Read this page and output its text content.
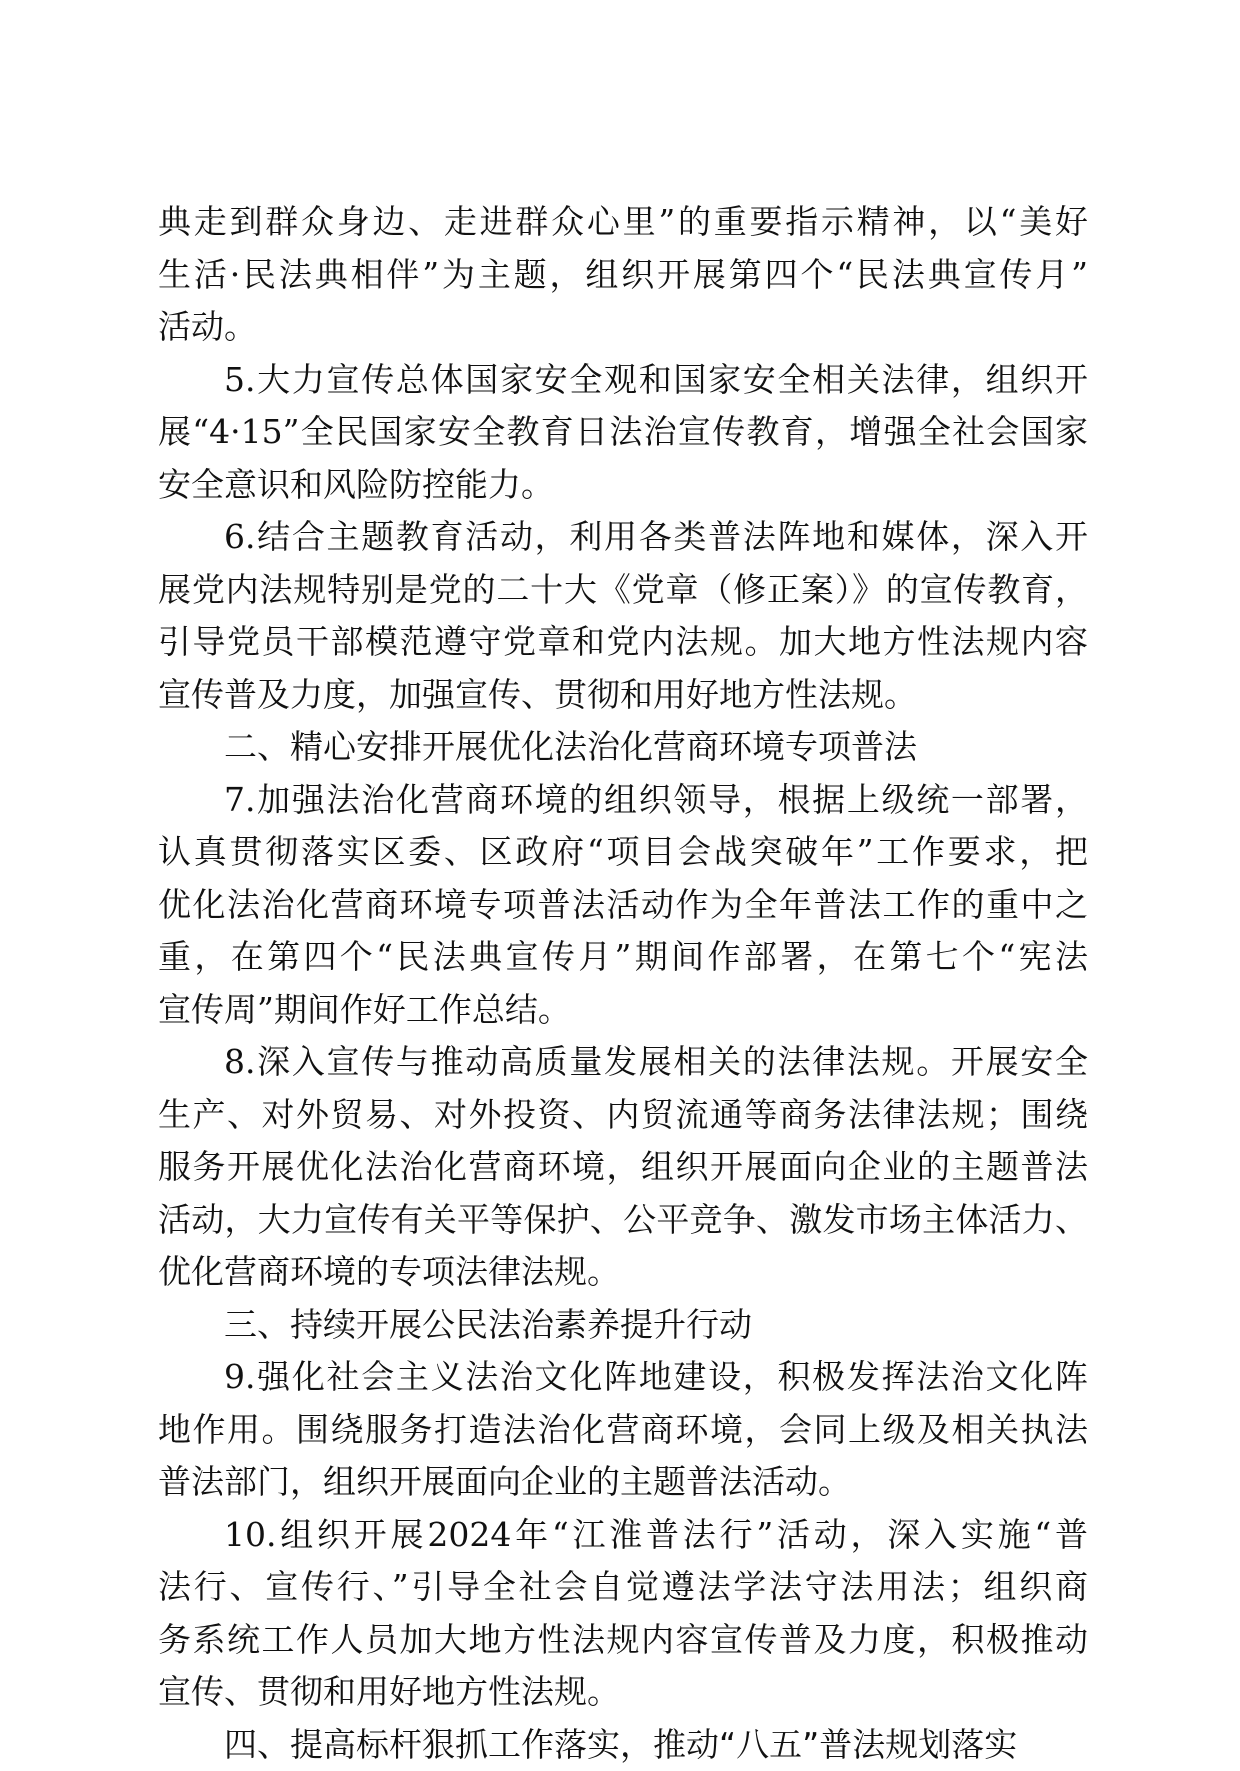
典走到群众身边、走进群众心里”的重要指示精神，以“美好
生活·民法典相伴”为主题，组织开展第四个“民法典宣传月”
活动。
5.大力宣传总体国家安全观和国家安全相关法律，组织开
展“4·15”全民国家安全教育日法治宣传教育，增强全社会国家
安全意识和风险防控能力。
6.结合主题教育活动，利用各类普法阵地和媒体，深入开
展党内法规特别是党的二十大《党章（修正案）》的宣传教育，
引导党员干部模范遵守党章和党内法规。加大地方性法规内容
宣传普及力度，加强宣传、贯彻和用好地方性法规。
二、精心安排开展优化法治化营商环境专项普法
7.加强法治化营商环境的组织领导，根据上级统一部署，
认真贯彻落实区委、区政府“项目会战突破年”工作要求，把
优化法治化营商环境专项普法活动作为全年普法工作的重中之
重，在第四个“民法典宣传月”期间作部署，在第七个“宪法
宣传周”期间作好工作总结。
8.深入宣传与推动高质量发展相关的法律法规。开展安全
生产、对外贸易、对外投资、内贸流通等商务法律法规；围绕
服务开展优化法治化营商环境，组织开展面向企业的主题普法
活动，大力宣传有关平等保护、公平竞争、激发市场主体活力、
优化营商环境的专项法律法规。
三、持续开展公民法治素养提升行动
9.强化社会主义法治文化阵地建设，积极发挥法治文化阵
地作用。围绕服务打造法治化营商环境，会同上级及相关执法
普法部门，组织开展面向企业的主题普法活动。
10.组织开展2024年“江淮普法行”活动，深入实施“普
法行、宣传行、”引导全社会自觉遵法学法守法用法；组织商
务系统工作人员加大地方性法规内容宣传普及力度，积极推动
宣传、贯彻和用好地方性法规。
四、提高标杆狠抓工作落实，推动“八五”普法规划落实
